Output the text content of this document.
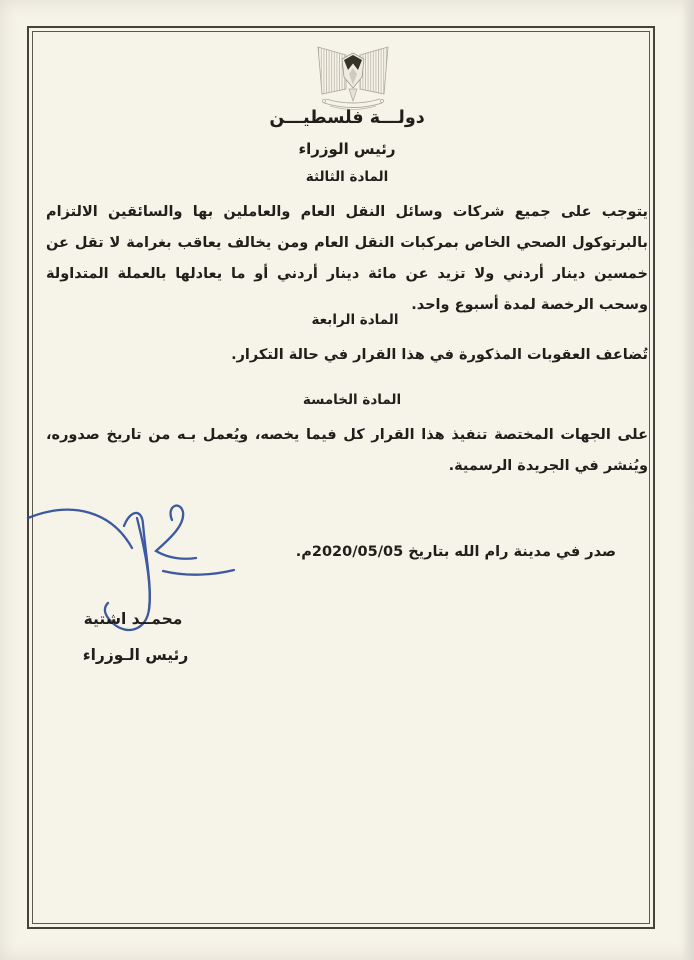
دولـــة فلسطيـــن
رئيس الوزراء
المادة الثالثة
يتوجب على جميع شركات وسائل النقل العام والعاملين بها والسائقين الالتزام بالبرتوكول الصحي الخاص بمركبات النقل العام ومن يخالف يعاقب بغرامة لا تقل عن خمسين دينار أردني ولا تزيد عن مائة دينار أردني أو ما يعادلها بالعملة المتداولة وسحب الرخصة لمدة أسبوع واحد.
المادة الرابعة
تُضاعف العقوبات المذكورة في هذا القرار في حالة التكرار.
المادة الخامسة
على الجهات المختصة تنفيذ هذا القرار كل فيما يخصه، ويُعمل بـه من تاريخ صدوره، ويُنشر في الجريدة الرسمية.
صدر في مدينة رام الله بتاريخ 2020/05/05م.
محمــد اشتية
رئيس الـوزراء
